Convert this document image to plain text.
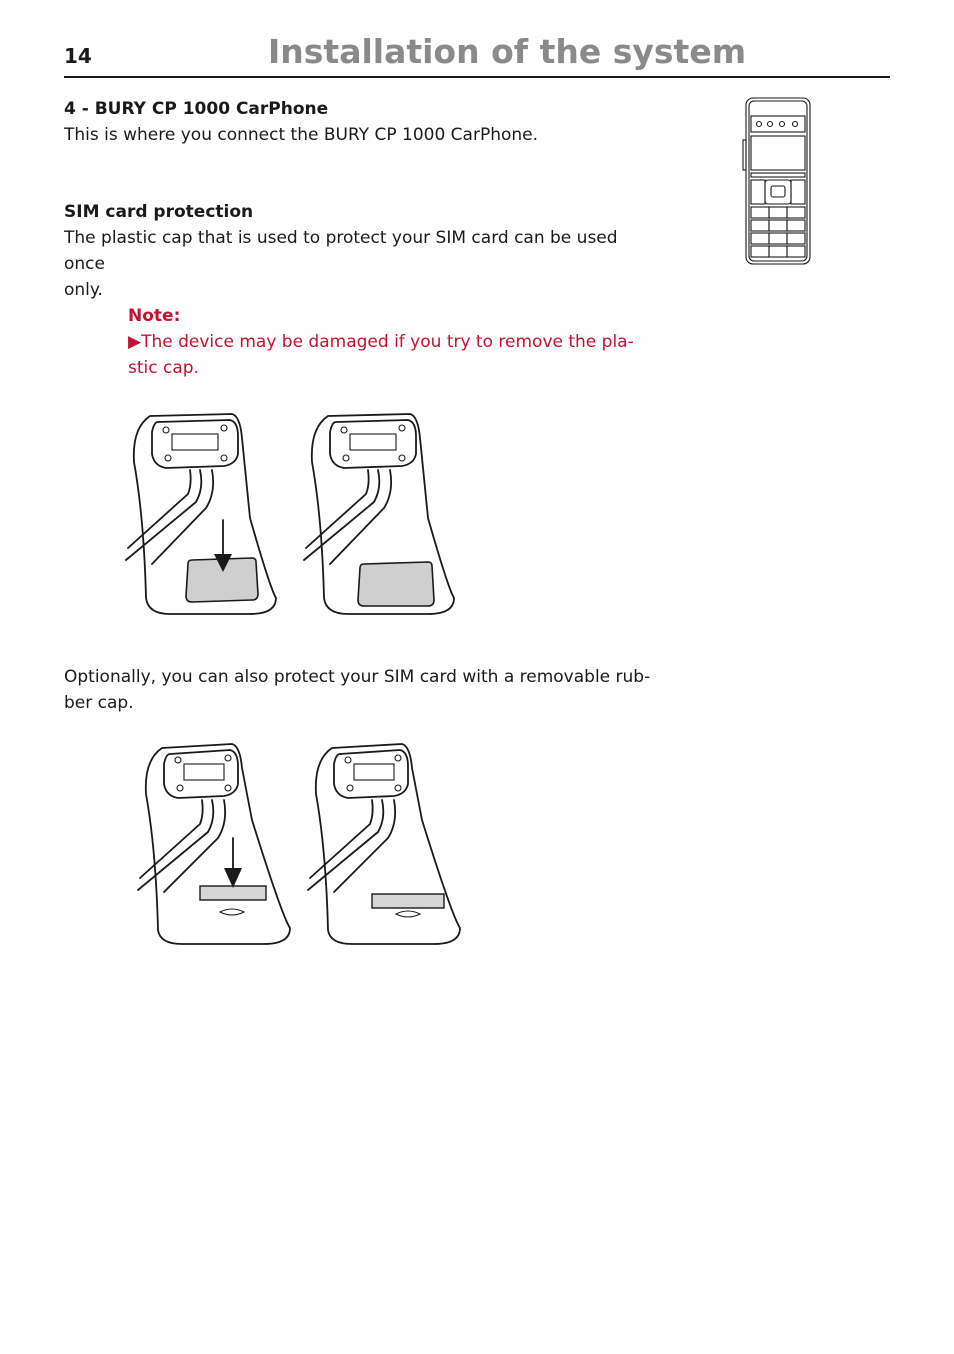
14	Installation of the system
4 - BURY CP 1000 CarPhone
This is where you connect the BURY CP 1000 CarPhone.
SIM card protection
The plastic cap that is used to protect your SIM card can be used once
only.
Note:
▶The device may be damaged if you try to remove the pla-
stic cap.
Optionally, you can also protect your SIM card with a removable rub-
ber cap.
